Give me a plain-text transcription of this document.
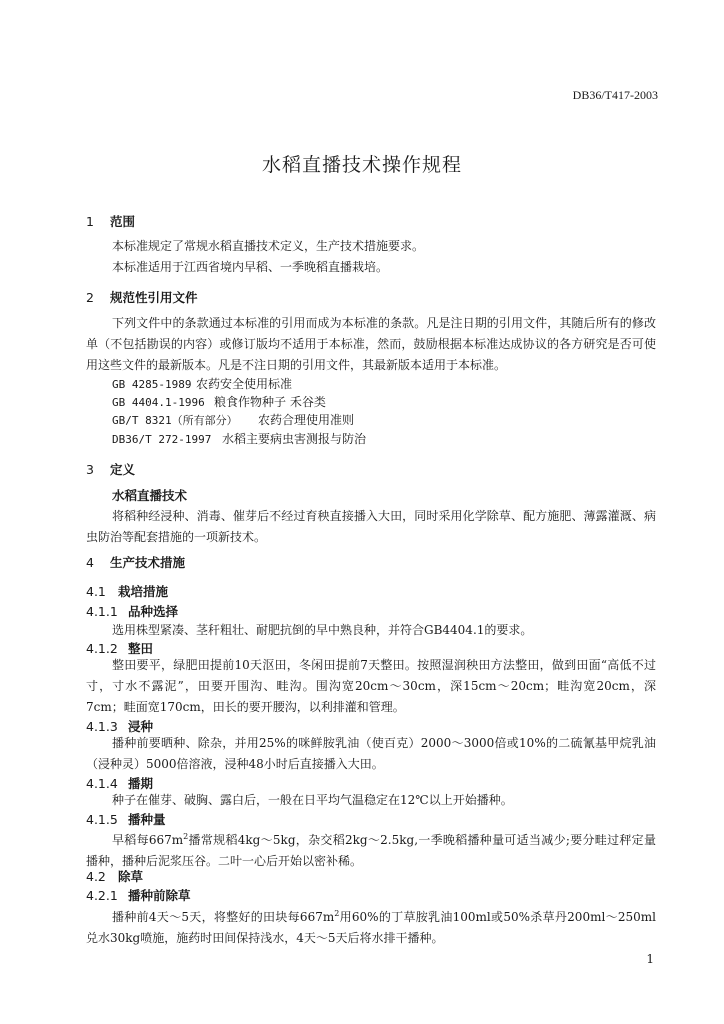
DB36/T417-2003
水稻直播技术操作规程
1 范围
本标准规定了常规水稻直播技术定义，生产技术措施要求。
本标准适用于江西省境内早稻、一季晚稻直播栽培。
2 规范性引用文件
下列文件中的条款通过本标准的引用而成为本标准的条款。凡是注日期的引用文件，其随后所有的修改单（不包括勘误的内容）或修订版均不适用于本标准，然而，鼓励根据本标准达成协议的各方研究是否可使用这些文件的最新版本。凡是不注日期的引用文件，其最新版本适用于本标准。
GB 4285-1989 农药安全使用标准
GB 4404.1-1996 粮食作物种子 禾谷类
GB/T 8321（所有部分） 农药合理使用准则
DB36/T 272-1997 水稻主要病虫害测报与防治
3 定义
水稻直播技术
将稻种经浸种、消毒、催芽后不经过育秧直接播入大田，同时采用化学除草、配方施肥、薄露灌溉、病虫防治等配套措施的一项新技术。
4 生产技术措施
4.1 栽培措施
4.1.1 品种选择
选用株型紧凑、茎秆粗壮、耐肥抗倒的早中熟良种，并符合GB4404.1的要求。
4.1.2 整田
整田要平，绿肥田提前10天沤田，冬闲田提前7天整田。按照湿润秧田方法整田，做到田面“高低不过寸，寸水不露泥”，田要开围沟、畦沟。围沟宽20cm～30cm，深15cm～20cm；畦沟宽20cm，深7cm；畦面宽170cm，田长的要开腰沟，以利排灌和管理。
4.1.3 浸种
播种前要晒种、除杂，并用25%的咪鲜胺乳油（使百克）2000～3000倍或10%的二硫氰基甲烷乳油（浸种灵）5000倍溶液，浸种48小时后直接播入大田。
4.1.4 播期
种子在催芽、破胸、露白后，一般在日平均气温稳定在12℃以上开始播种。
4.1.5 播种量
早稻每$667m^2$播常规稻4kg～5kg，杂交稻2kg～2.5kg,一季晚稻播种量可适当减少;要分畦过秤定量播种，播种后泥浆压谷。二叶一心后开始以密补稀。
4.2 除草
4.2.1 播种前除草
播种前4天～5天，将整好的田块每$667m^2$用60%的丁草胺乳油100ml或50%杀草丹200ml～250ml兑水30kg喷施，施药时田间保持浅水，4天～5天后将水排干播种。
1
